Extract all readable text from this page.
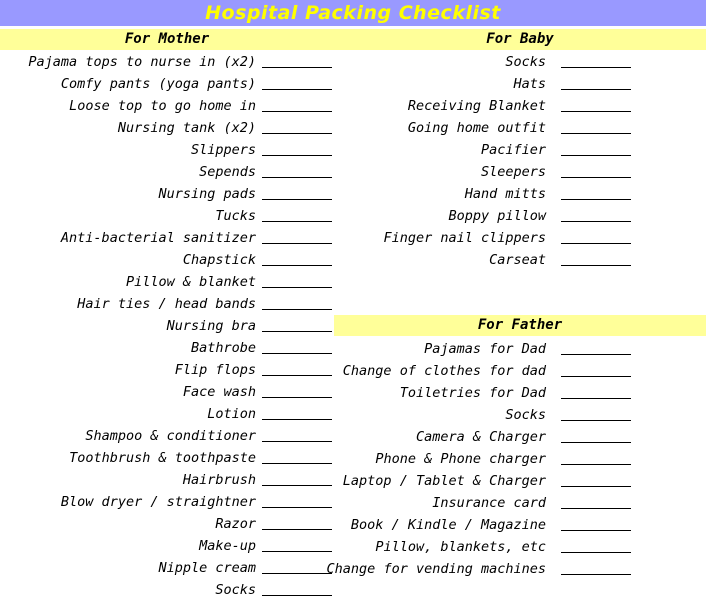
Hospital Packing Checklist
For Mother	For Baby
For Father
Pajama tops to nurse in (x2)
Comfy pants (yoga pants)
Loose top to go home in
Nursing tank (x2)
Slippers
Sepends
Nursing pads
Tucks
Anti-bacterial sanitizer
Chapstick
Pillow & blanket
Hair ties / head bands
Nursing bra
Bathrobe
Flip flops
Face wash
Lotion
Shampoo & conditioner
Toothbrush & toothpaste
Hairbrush
Blow dryer / straightner
Razor
Make-up
Nipple cream
Socks
Socks
Hats
Receiving Blanket
Going home outfit
Pacifier
Sleepers
Hand mitts
Boppy pillow
Finger nail clippers
Carseat
Pajamas for Dad
Change of clothes for dad
Toiletries for Dad
Socks
Camera & Charger
Phone & Phone charger
Laptop / Tablet & Charger
Insurance card
Book / Kindle / Magazine
Pillow, blankets, etc
Change for vending machines
